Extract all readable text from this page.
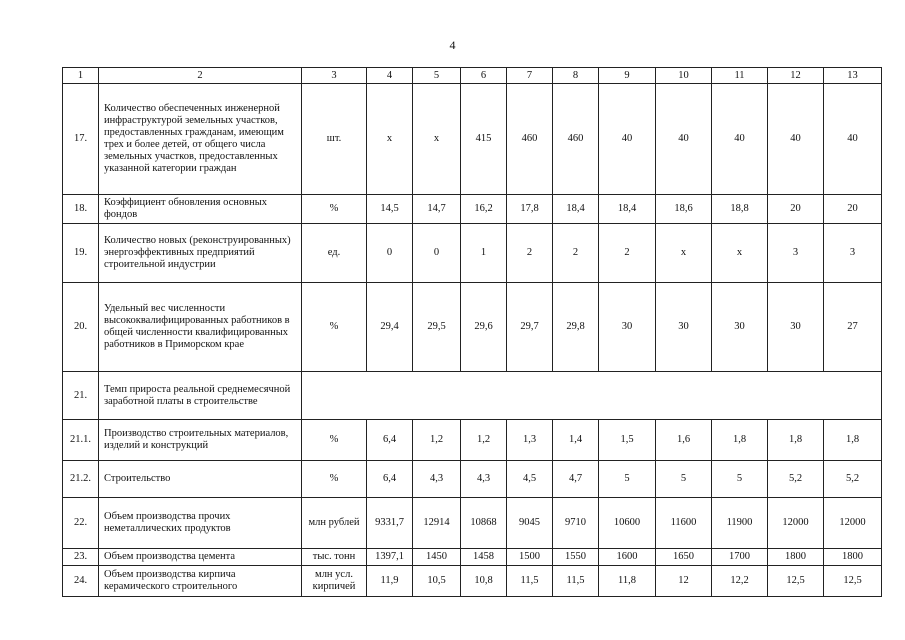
4
1	2	3	4	5	6	7	8	9	10	11	12	13
17.	Количество обеспеченных инженерной инфраструктурой земельных участков, предоставленных гражданам, имеющим трех и более детей, от общего числа земельных участков, предоставленных указанной категории граждан	шт.	х	х	415	460	460	40	40	40	40	40
18.	Коэффициент обновления основных фондов	%	14,5	14,7	16,2	17,8	18,4	18,4	18,6	18,8	20	20
19.	Количество новых (реконструированных) энергоэффективных предприятий строительной индустрии	ед.	0	0	1	2	2	2	х	х	3	3
20.	Удельный вес численности высококвалифицированных работников в общей численности квалифицированных работников в Приморском крае	%	29,4	29,5	29,6	29,7	29,8	30	30	30	30	27
21.	Темп прироста реальной среднемесячной заработной платы в строительстве											
21.1.	Производство строительных материалов, изделий и конструкций	%	6,4	1,2	1,2	1,3	1,4	1,5	1,6	1,8	1,8	1,8
21.2.	Строительство	%	6,4	4,3	4,3	4,5	4,7	5	5	5	5,2	5,2
22.	Объем производства прочих неметаллических продуктов	млн рублей	9331,7	12914	10868	9045	9710	10600	11600	11900	12000	12000
23.	Объем производства цемента	тыс. тонн	1397,1	1450	1458	1500	1550	1600	1650	1700	1800	1800
24.	Объем производства кирпича керамического строительного	млн усл. кирпичей	11,9	10,5	10,8	11,5	11,5	11,8	12	12,2	12,5	12,5
